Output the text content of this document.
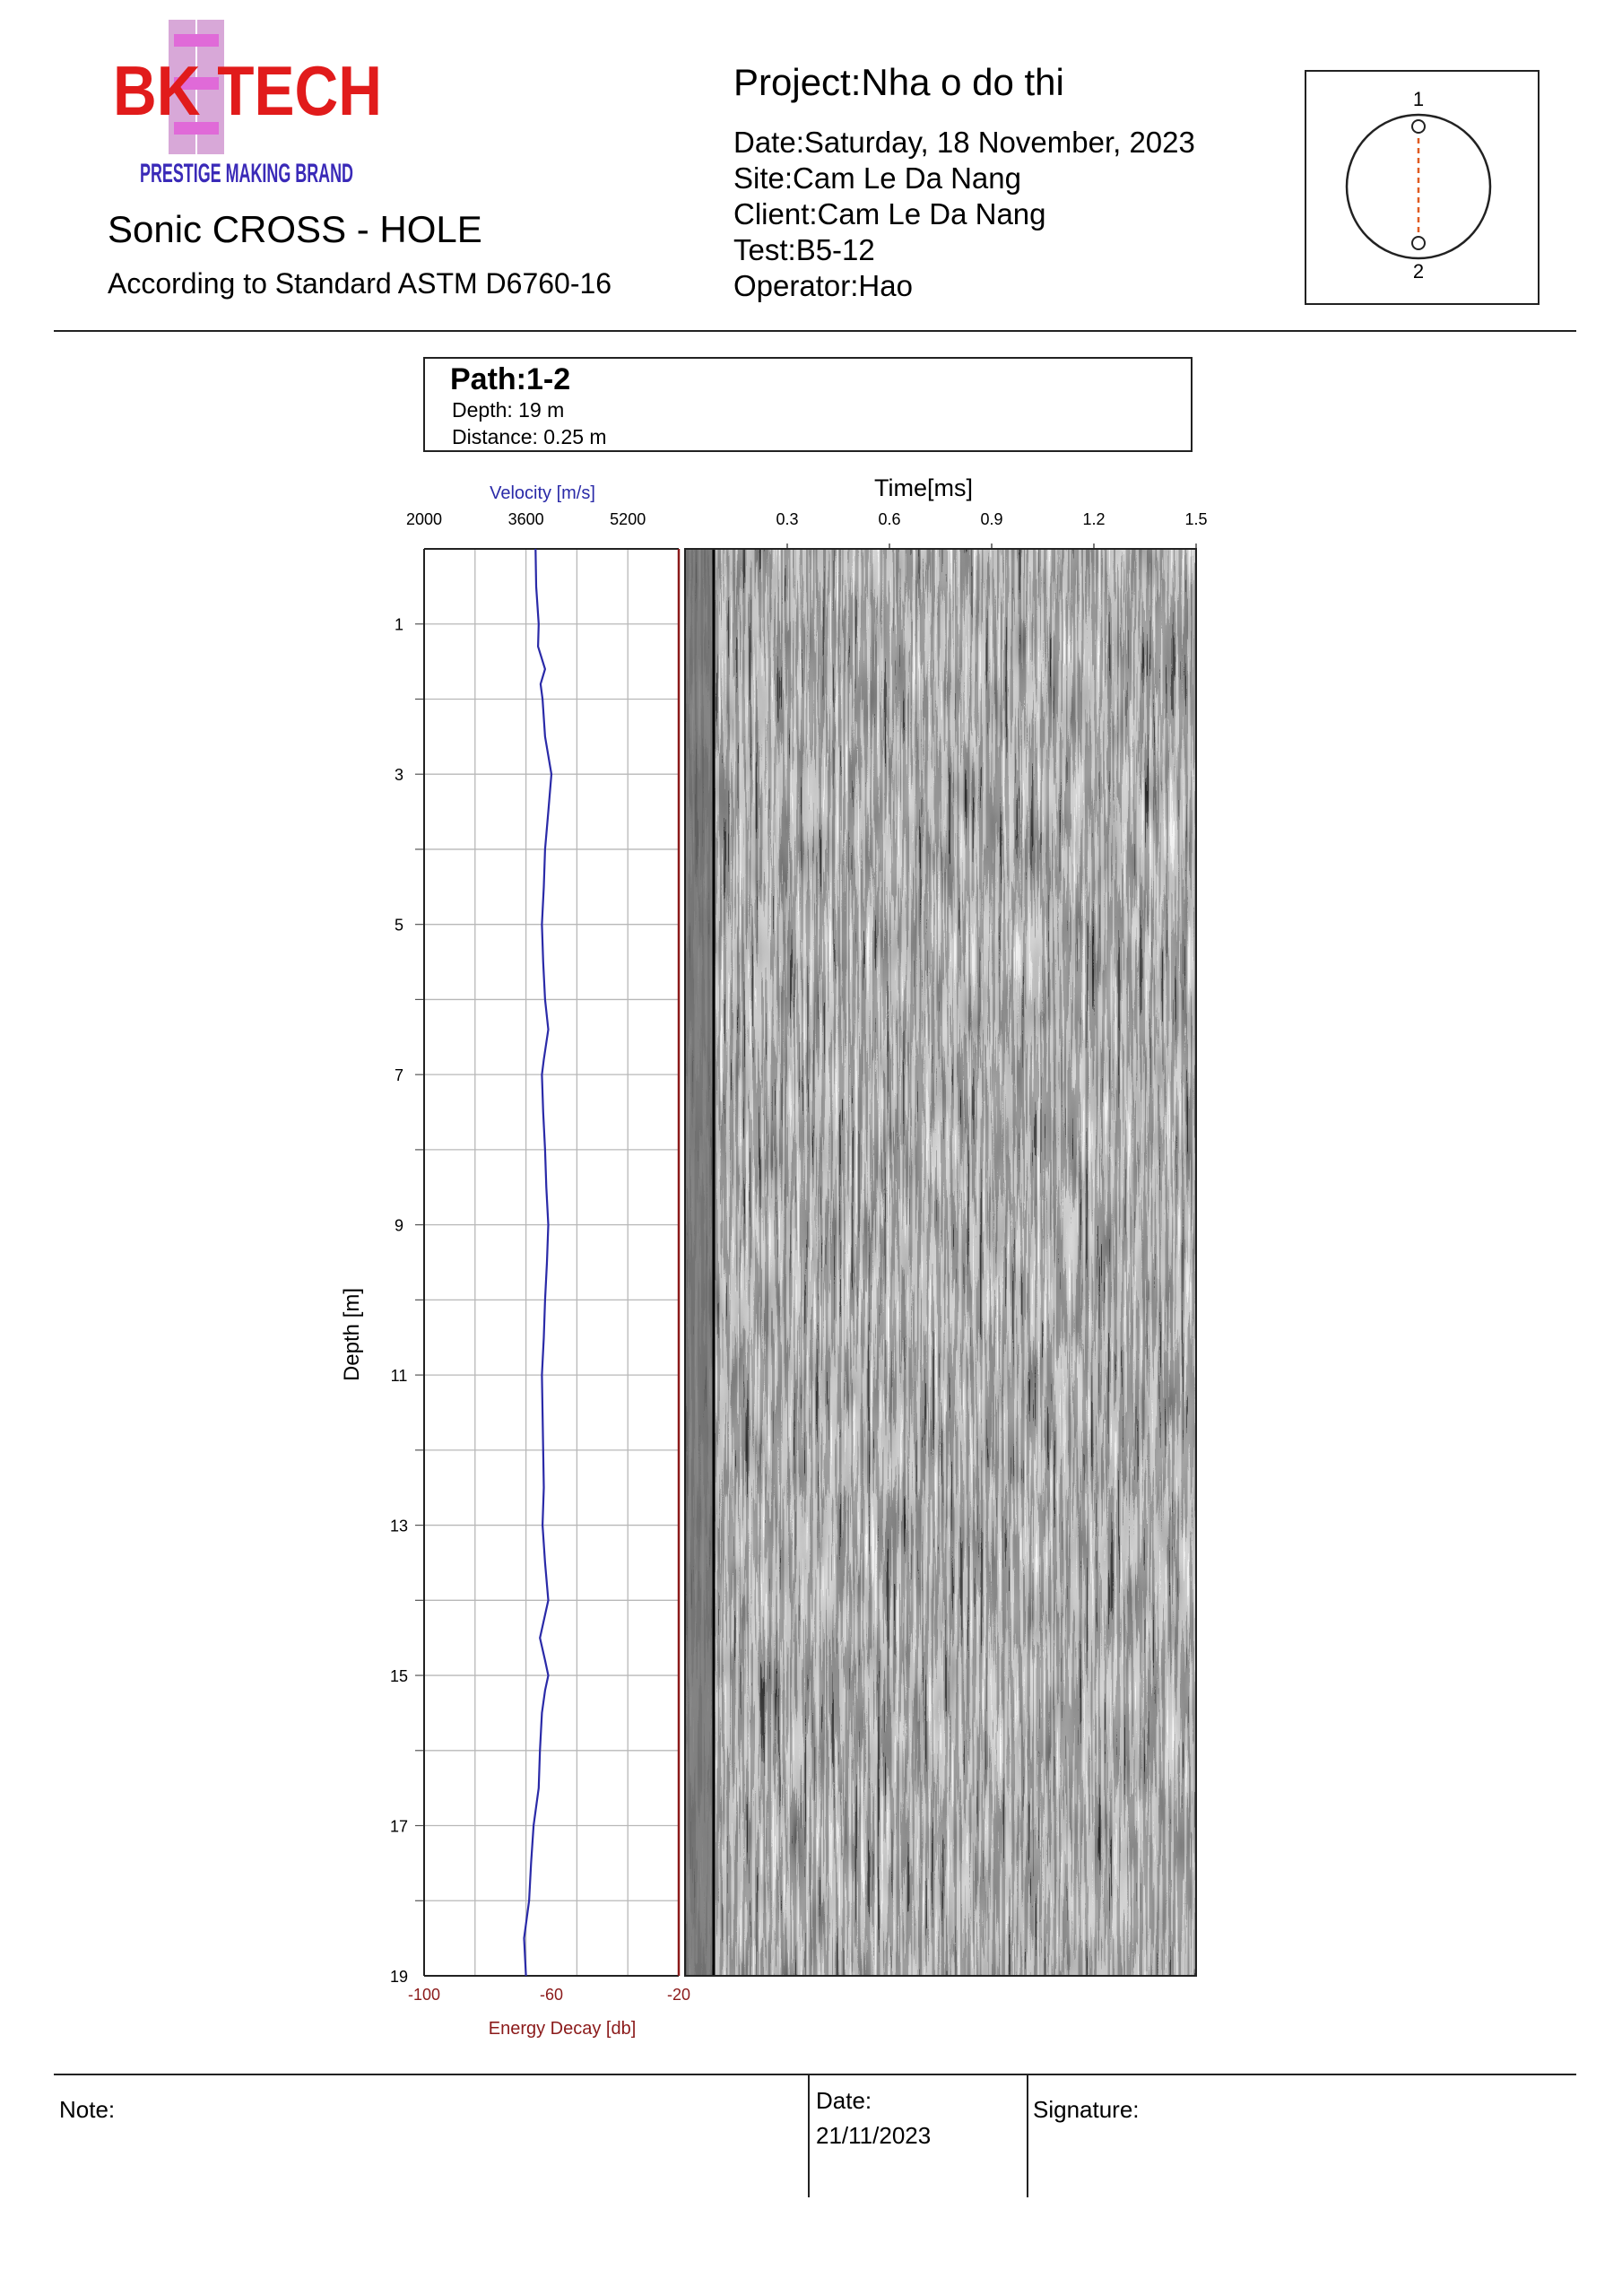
BK TECH
PRESTIGE MAKING BRAND
Sonic CROSS - HOLE
According to Standard ASTM D6760-16
Project:Nha o do thi
Date:Saturday, 18 November, 2023
Site:Cam Le Da Nang
Client:Cam Le Da Nang
Test:B5-12
Operator:Hao
1
2
Path:1-2
Depth: 19 m
Distance: 0.25 m
1
3
5
7
9
11
13
15
17
19
2000	3600	5200
-100	-60	-20
0.3	0.6	0.9	1.2	1.5
Depth [m]
Velocity [m/s]
Energy Decay [db]
Time[ms]
Note:	Date:
21/11/2023
Signature:
